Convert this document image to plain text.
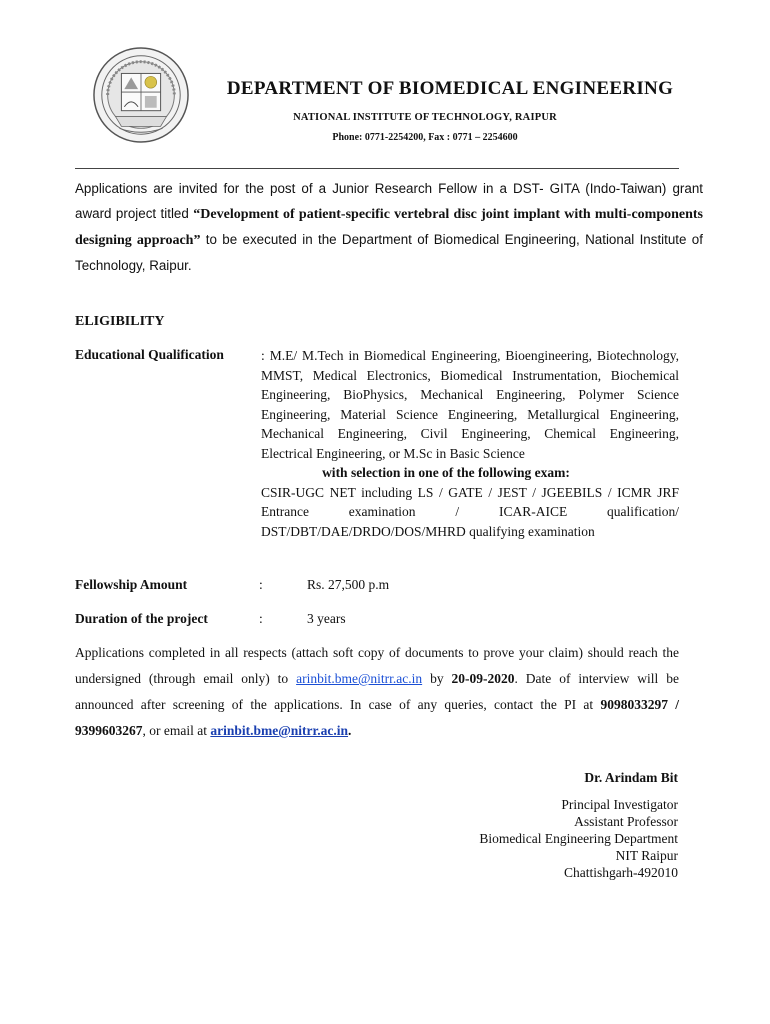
DEPARTMENT OF BIOMEDICAL ENGINEERING
NATIONAL INSTITUTE OF TECHNOLOGY, RAIPUR
Phone: 0771-2254200, Fax : 0771 – 2254600
Applications are invited for the post of a Junior Research Fellow in a DST- GITA (Indo-Taiwan) grant award project titled “Development of patient-specific vertebral disc joint implant with multi-components designing approach” to be executed in the Department of Biomedical Engineering, National Institute of Technology, Raipur.
ELIGIBILITY
Educational Qualification	: M.E/ M.Tech in Biomedical Engineering, Bioengineering, Biotechnology, MMST, Medical Electronics, Biomedical Instrumentation, Biochemical Engineering, BioPhysics, Mechanical Engineering, Polymer Science Engineering, Material Science Engineering, Metallurgical Engineering, Mechanical Engineering, Civil Engineering, Chemical Engineering, Electrical Engineering, or M.Sc in Basic Science
with selection in one of the following exam:
CSIR-UGC NET including LS / GATE / JEST / JGEEBILS / ICMR JRF Entrance examination / ICAR-AICE qualification/ DST/DBT/DAE/DRDO/DOS/MHRD qualifying examination
Fellowship Amount	:	Rs. 27,500 p.m
Duration of the project	:	3 years
Applications completed in all respects (attach soft copy of documents to prove your claim) should reach the undersigned (through email only) to arinbit.bme@nitrr.ac.in by 20-09-2020. Date of interview will be announced after screening of the applications. In case of any queries, contact the PI at 9098033297 / 9399603267, or email at arinbit.bme@nitrr.ac.in.
Dr. Arindam Bit
Principal Investigator
Assistant Professor
Biomedical Engineering Department
NIT Raipur
Chattishgarh-492010
